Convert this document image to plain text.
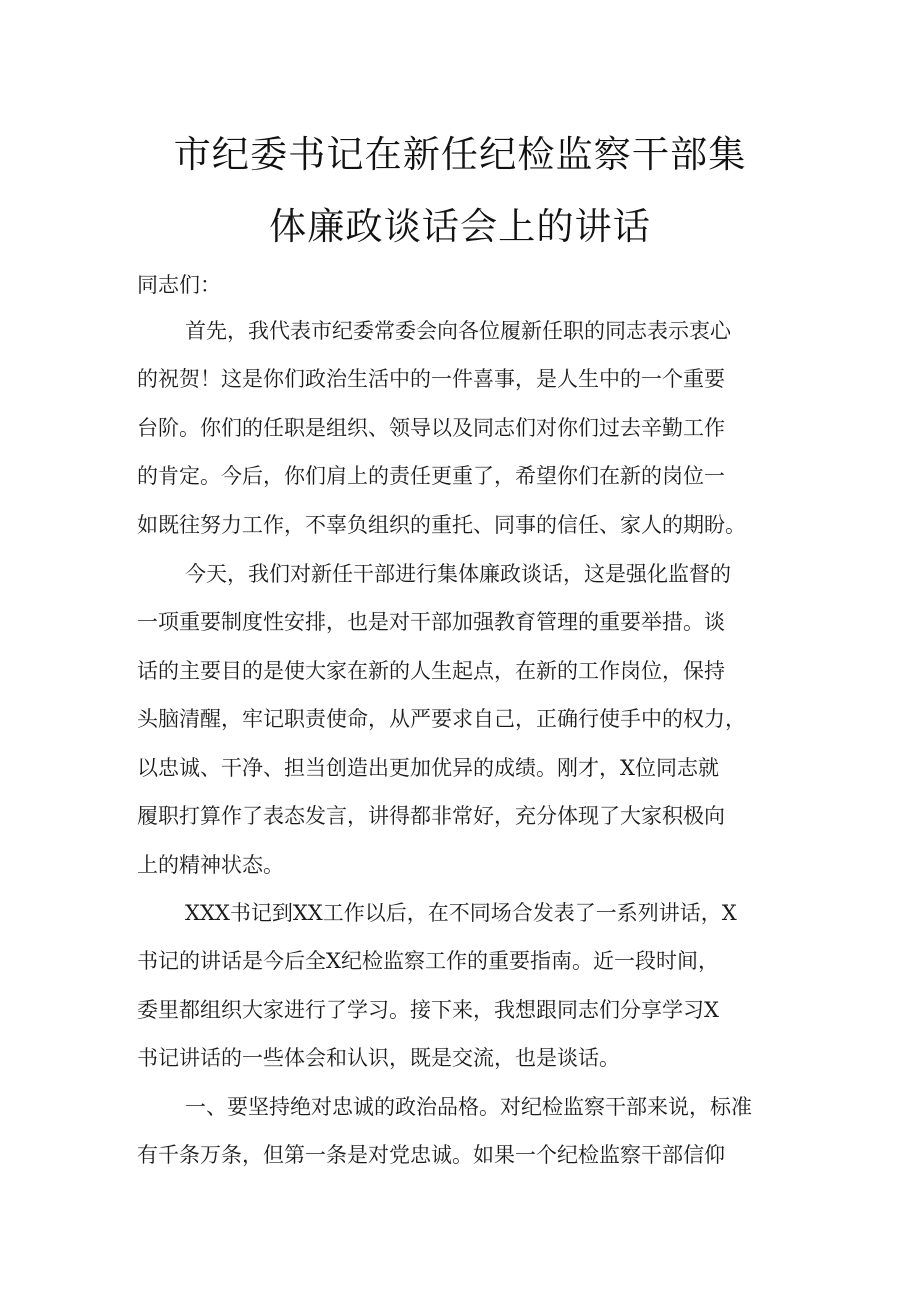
市纪委书记在新任纪检监察干部集
体廉政谈话会上的讲话
同志们：
首先，我代表市纪委常委会向各位履新任职的同志表示衷心
的祝贺！这是你们政治生活中的一件喜事，是人生中的一个重要
台阶。你们的任职是组织、领导以及同志们对你们过去辛勤工作
的肯定。今后，你们肩上的责任更重了，希望你们在新的岗位一
如既往努力工作，不辜负组织的重托、同事的信任、家人的期盼。
今天，我们对新任干部进行集体廉政谈话，这是强化监督的
一项重要制度性安排，也是对干部加强教育管理的重要举措。谈
话的主要目的是使大家在新的人生起点，在新的工作岗位，保持
头脑清醒，牢记职责使命，从严要求自己，正确行使手中的权力，
以忠诚、干净、担当创造出更加优异的成绩。刚才，X位同志就
履职打算作了表态发言，讲得都非常好，充分体现了大家积极向
上的精神状态。
XXX书记到XX工作以后，在不同场合发表了一系列讲话，X
书记的讲话是今后全X纪检监察工作的重要指南。近一段时间，
委里都组织大家进行了学习。接下来，我想跟同志们分享学习X
书记讲话的一些体会和认识，既是交流，也是谈话。
一、要坚持绝对忠诚的政治品格。对纪检监察干部来说，标准
有千条万条，但第一条是对党忠诚。如果一个纪检监察干部信仰
